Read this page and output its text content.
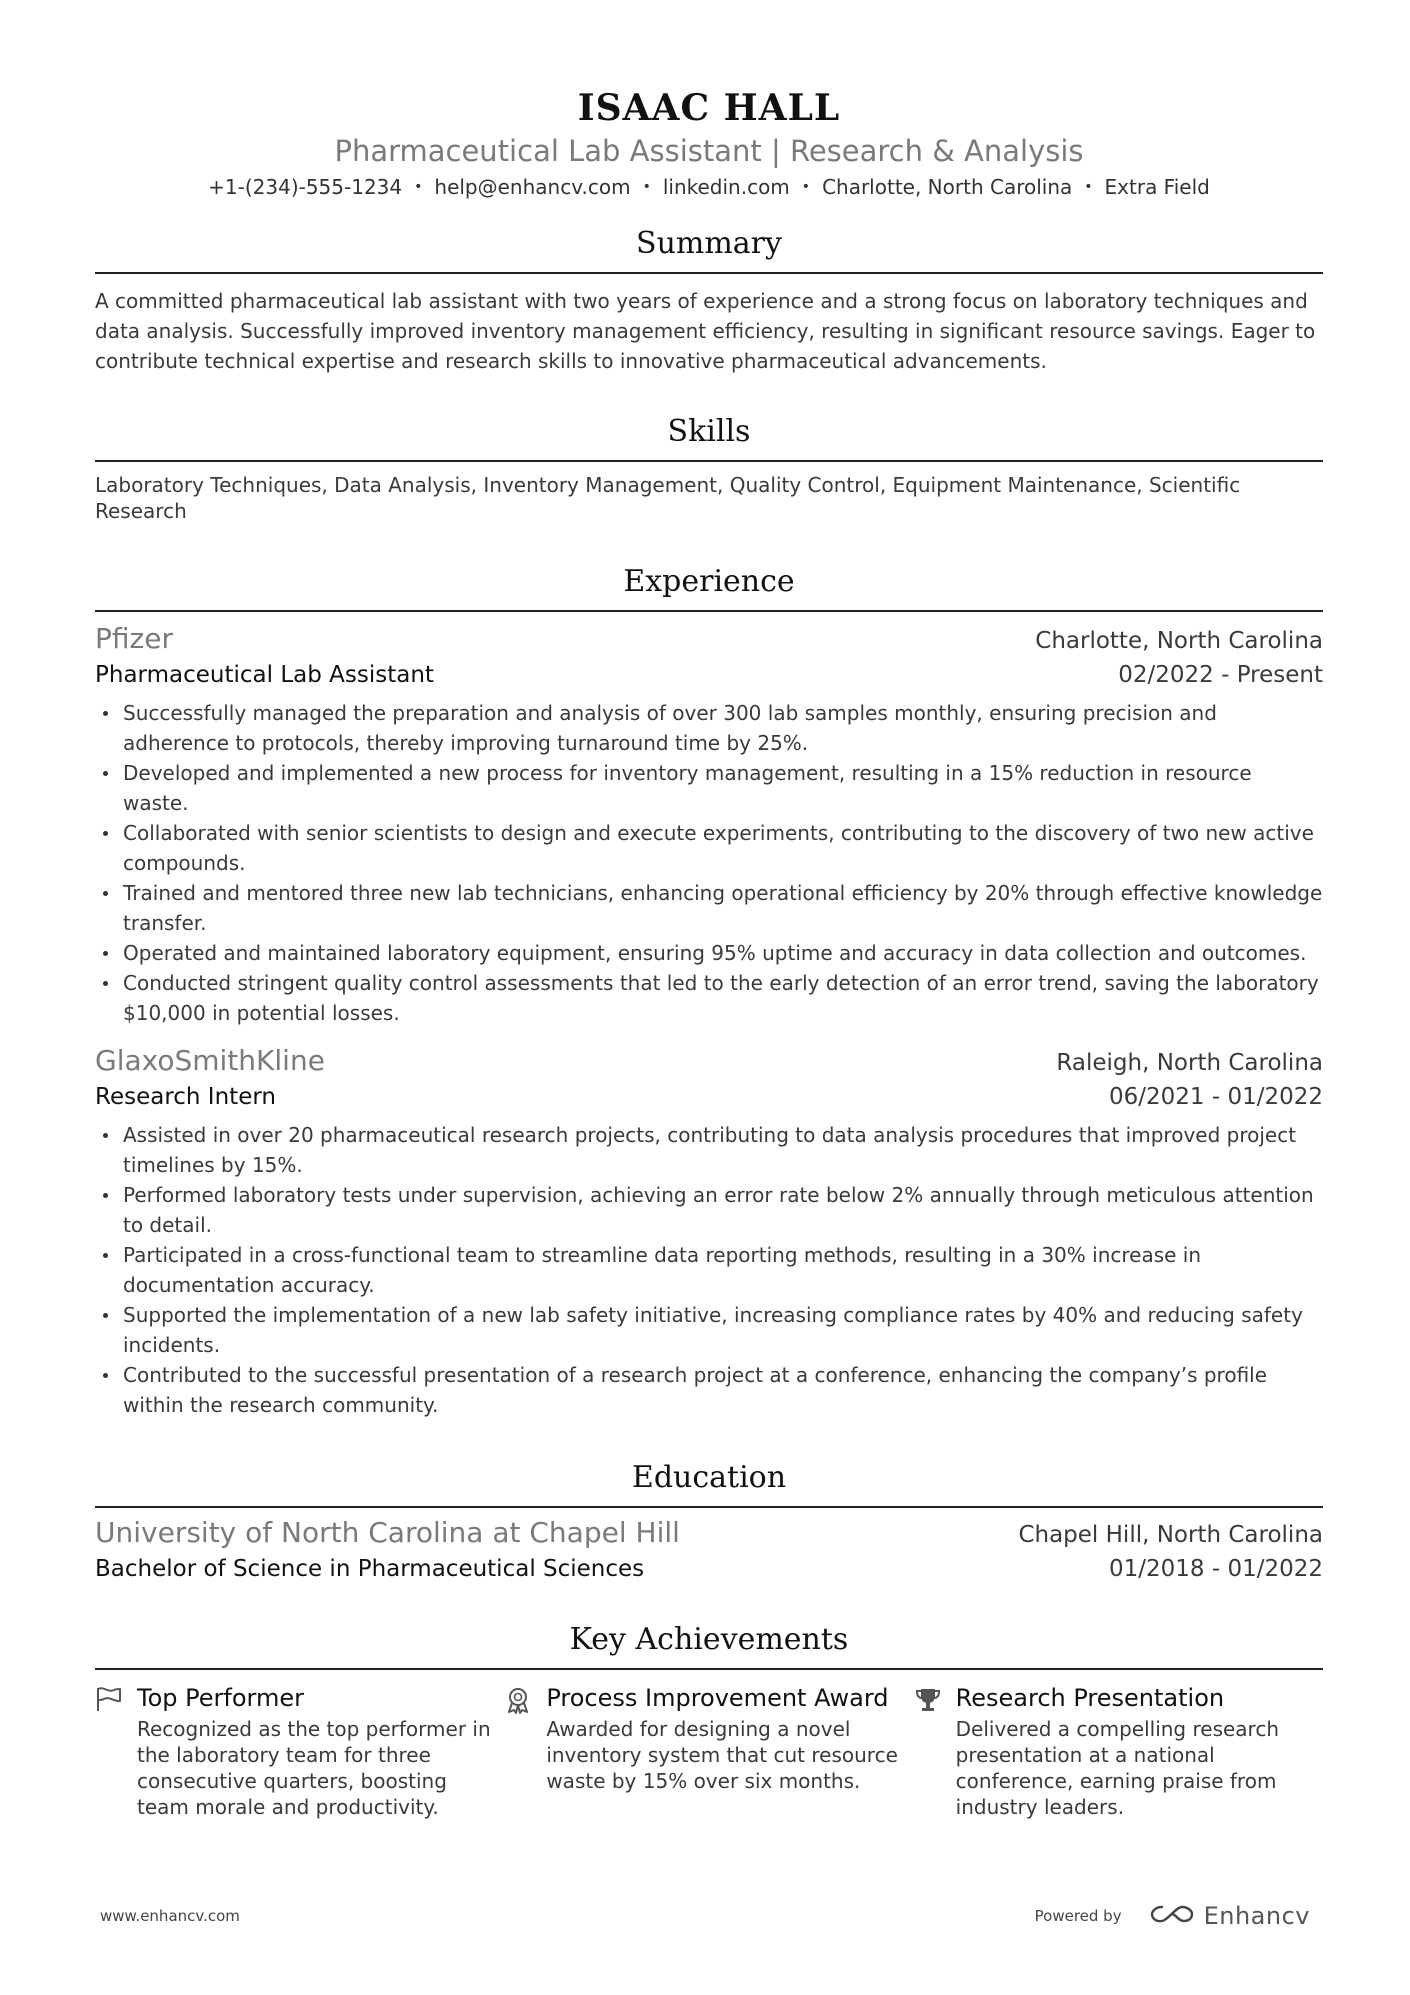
ISAAC HALL
Pharmaceutical Lab Assistant | Research & Analysis
+1-(234)-555-1234 • help@enhancv.com • linkedin.com • Charlotte, North Carolina • Extra Field
Summary
A committed pharmaceutical lab assistant with two years of experience and a strong focus on laboratory techniques and data analysis. Successfully improved inventory management efficiency, resulting in significant resource savings. Eager to contribute technical expertise and research skills to innovative pharmaceutical advancements.
Skills
Laboratory Techniques, Data Analysis, Inventory Management, Quality Control, Equipment Maintenance, Scientific Research
Experience
Pfizer	Charlotte, North Carolina
Pharmaceutical Lab Assistant	02/2022 - Present
Successfully managed the preparation and analysis of over 300 lab samples monthly, ensuring precision and adherence to protocols, thereby improving turnaround time by 25%.
Developed and implemented a new process for inventory management, resulting in a 15% reduction in resource waste.
Collaborated with senior scientists to design and execute experiments, contributing to the discovery of two new active compounds.
Trained and mentored three new lab technicians, enhancing operational efficiency by 20% through effective knowledge transfer.
Operated and maintained laboratory equipment, ensuring 95% uptime and accuracy in data collection and outcomes.
Conducted stringent quality control assessments that led to the early detection of an error trend, saving the laboratory $10,000 in potential losses.
GlaxoSmithKline	Raleigh, North Carolina
Research Intern	06/2021 - 01/2022
Assisted in over 20 pharmaceutical research projects, contributing to data analysis procedures that improved project timelines by 15%.
Performed laboratory tests under supervision, achieving an error rate below 2% annually through meticulous attention to detail.
Participated in a cross-functional team to streamline data reporting methods, resulting in a 30% increase in documentation accuracy.
Supported the implementation of a new lab safety initiative, increasing compliance rates by 40% and reducing safety incidents.
Contributed to the successful presentation of a research project at a conference, enhancing the company’s profile within the research community.
Education
University of North Carolina at Chapel Hill	Chapel Hill, North Carolina
Bachelor of Science in Pharmaceutical Sciences	01/2018 - 01/2022
Key Achievements
Top Performer
Recognized as the top performer in the laboratory team for three consecutive quarters, boosting team morale and productivity.
Process Improvement Award
Awarded for designing a novel inventory system that cut resource waste by 15% over six months.
Research Presentation
Delivered a compelling research presentation at a national conference, earning praise from industry leaders.
www.enhancv.com	Powered by	Enhancv
